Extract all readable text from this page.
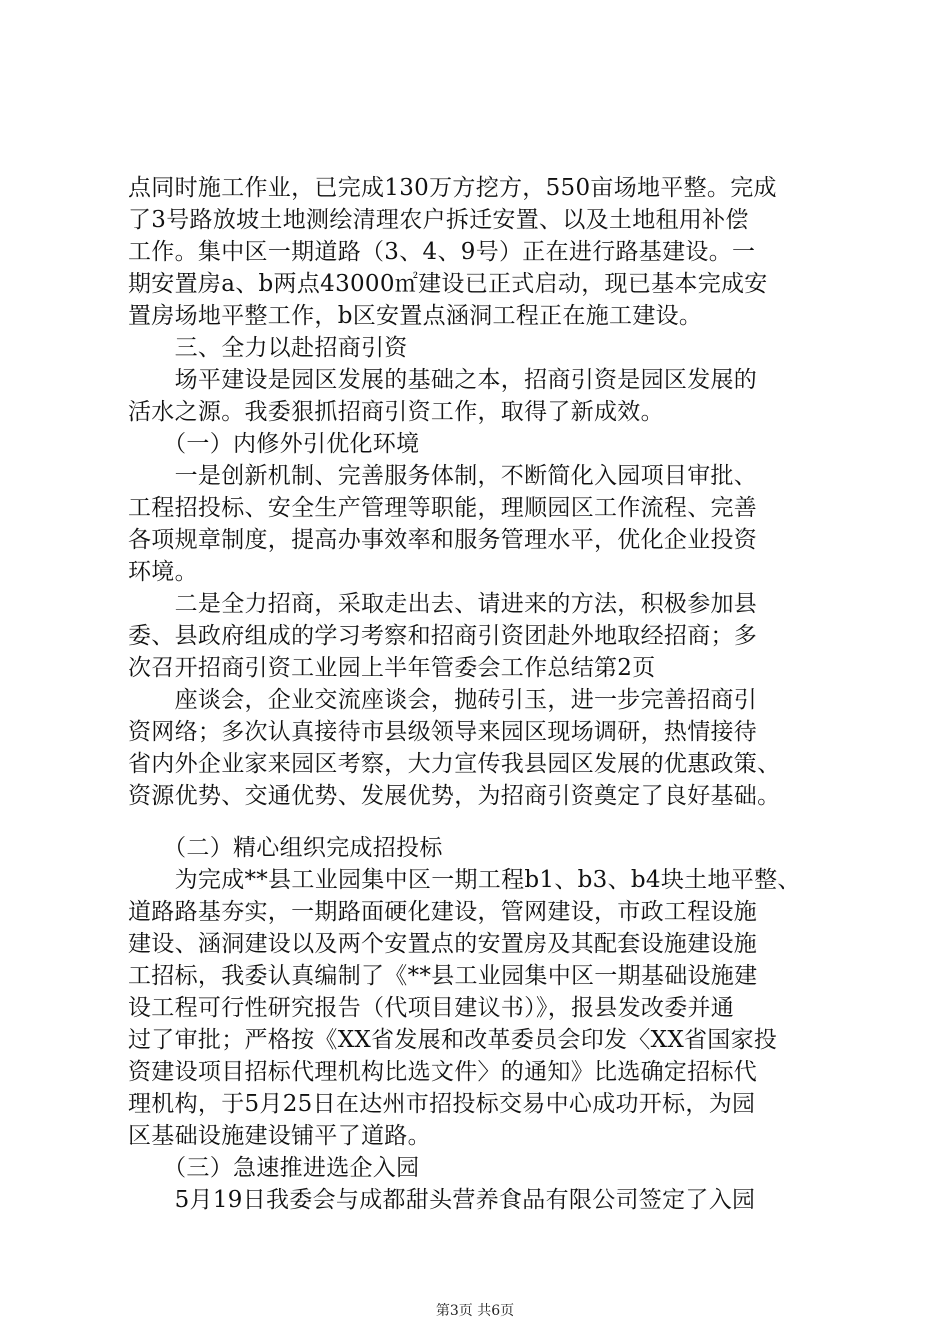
点同时施工作业，已完成130万方挖方，550亩场地平整。完成
了3号路放坡土地测绘清理农户拆迁安置、以及土地租用补偿
工作。集中区一期道路（3、4、9号）正在进行路基建设。一
期安置房a、b两点43000㎡建设已正式启动，现已基本完成安
置房场地平整工作，b区安置点涵洞工程正在施工建设。
　　三、全力以赴招商引资
　　场平建设是园区发展的基础之本，招商引资是园区发展的
活水之源。我委狠抓招商引资工作，取得了新成效。
　　（一）内修外引优化环境
　　一是创新机制、完善服务体制，不断简化入园项目审批、
工程招投标、安全生产管理等职能，理顺园区工作流程、完善
各项规章制度，提高办事效率和服务管理水平，优化企业投资
环境。
　　二是全力招商，采取走出去、请进来的方法，积极参加县
委、县政府组成的学习考察和招商引资团赴外地取经招商；多
次召开招商引资工业园上半年管委会工作总结第2页
　　座谈会，企业交流座谈会，抛砖引玉，进一步完善招商引
资网络；多次认真接待市县级领导来园区现场调研，热情接待
省内外企业家来园区考察，大力宣传我县园区发展的优惠政策、
资源优势、交通优势、发展优势，为招商引资奠定了良好基础。
　　（二）精心组织完成招投标
　　为完成**县工业园集中区一期工程b1、b3、b4块土地平整、
道路路基夯实，一期路面硬化建设，管网建设，市政工程设施
建设、涵洞建设以及两个安置点的安置房及其配套设施建设施
工招标，我委认真编制了《**县工业园集中区一期基础设施建
设工程可行性研究报告（代项目建议书）》，报县发改委并通
过了审批；严格按《XX省发展和改革委员会印发〈XX省国家投
资建设项目招标代理机构比选文件〉的通知》比选确定招标代
理机构，于5月25日在达州市招投标交易中心成功开标，为园
区基础设施建设铺平了道路。
　　（三）急速推进选企入园
　　5月19日我委会与成都甜头营养食品有限公司签定了入园
第3页 共6页
